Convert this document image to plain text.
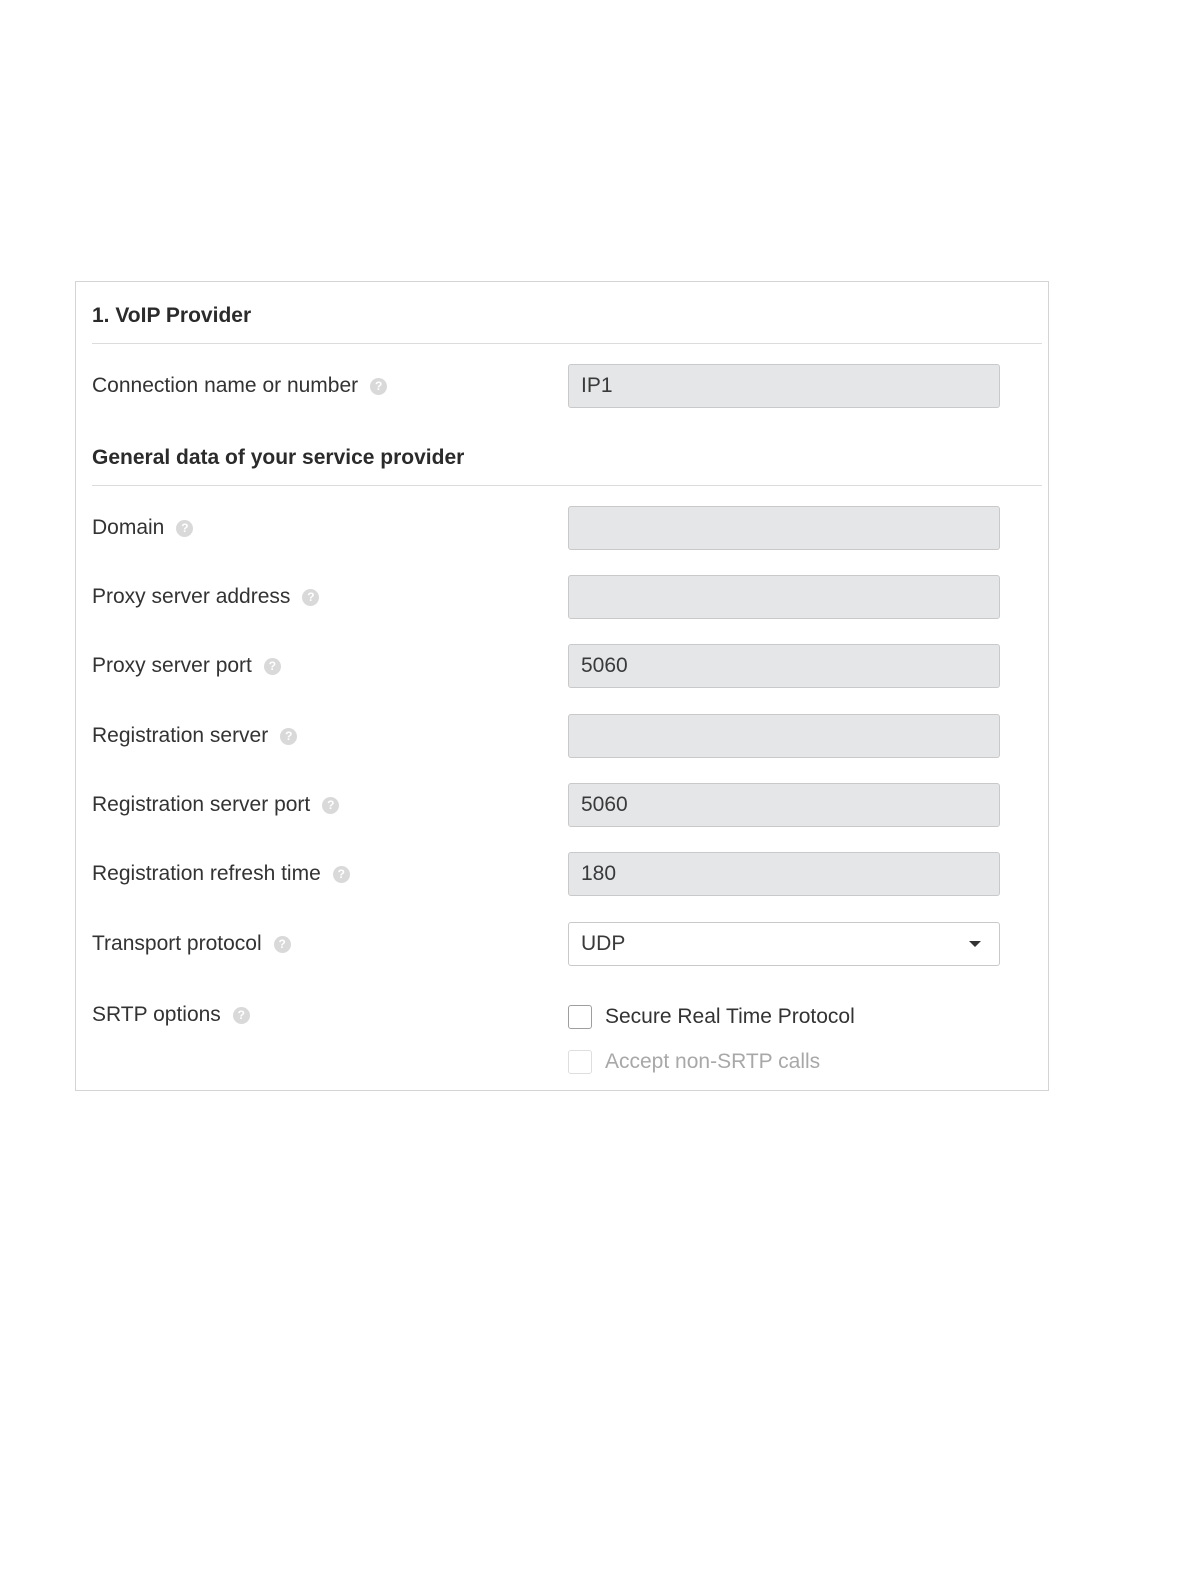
1. VoIP Provider
Connection name or number	?	IP1
General data of your service provider
Domain	?
Proxy server address	?
Proxy server port	?	5060
Registration server	?
Registration server port	?	5060
Registration refresh time	?	180
Transport protocol	?	UDP
SRTP options	?	Secure Real Time Protocol
Accept non-SRTP calls
